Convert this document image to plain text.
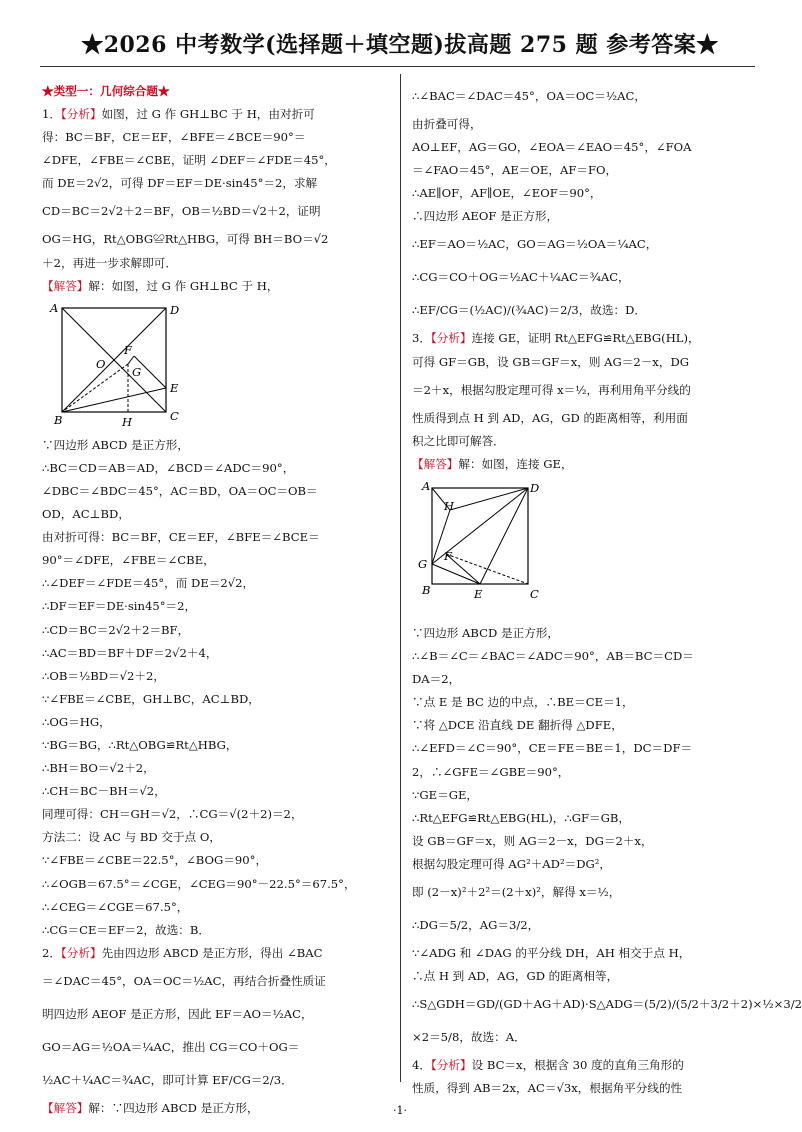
★2026 中考数学(选择题＋填空题)拔高题 275 题 参考答案★
★类型一：几何综合题★
1．【分析】如图，过 G 作 GH⊥BC 于 H，由对折可
得：BC＝BF，CE＝EF，∠BFE＝∠BCE＝90°＝
∠DFE，∠FBE＝∠CBE，证明 ∠DEF＝∠FDE＝45°，
而 DE＝2√2，可得 DF＝EF＝DE·sin45°＝2，求解
CD＝BC＝2√2＋2＝BF，OB＝½BD＝√2＋2，证明
OG＝HG，Rt△OBG≌Rt△HBG，可得 BH＝BO＝√2
＋2，再进一步求解即可．
【解答】解：如图，过 G 作 GH⊥BC 于 H，
A	D
B	C
E
F
G
H
O
∵四边形 ABCD 是正方形，
∴BC＝CD＝AB＝AD，∠BCD＝∠ADC＝90°，
∠DBC＝∠BDC＝45°，AC＝BD，OA＝OC＝OB＝
OD，AC⊥BD，
由对折可得：BC＝BF，CE＝EF，∠BFE＝∠BCE＝
90°＝∠DFE，∠FBE＝∠CBE，
∴∠DEF＝∠FDE＝45°，而 DE＝2√2，
∴DF＝EF＝DE·sin45°＝2，
∴CD＝BC＝2√2＋2＝BF，
∴AC＝BD＝BF＋DF＝2√2＋4，
∴OB＝½BD＝√2＋2，
∵∠FBE＝∠CBE，GH⊥BC，AC⊥BD，
∴OG＝HG，
∵BG＝BG，∴Rt△OBG≌Rt△HBG，
∴BH＝BO＝√2＋2，
∴CH＝BC－BH＝√2，
同理可得：CH＝GH＝√2，∴CG＝√(2＋2)＝2，
方法二：设 AC 与 BD 交于点 O，
∵∠FBE＝∠CBE＝22.5°，∠BOG＝90°，
∴∠OGB＝67.5°＝∠CGE，∠CEG＝90°－22.5°＝67.5°，
∴∠CEG＝∠CGE＝67.5°，
∴CG＝CE＝EF＝2，故选：B．
2．【分析】先由四边形 ABCD 是正方形，得出 ∠BAC
＝∠DAC＝45°，OA＝OC＝½AC，再结合折叠性质证
明四边形 AEOF 是正方形，因此 EF＝AO＝½AC，
GO＝AG＝½OA＝¼AC，推出 CG＝CO＋OG＝
½AC＋¼AC＝¾AC，即可计算 EF/CG＝2/3．
【解答】解：∵四边形 ABCD 是正方形，
∴∠BAC＝∠DAC＝45°，OA＝OC＝½AC，
由折叠可得，
AO⊥EF，AG＝GO，∠EOA＝∠EAO＝45°，∠FOA
＝∠FAO＝45°，AE＝OE，AF＝FO，
∴AE∥OF，AF∥OE，∠EOF＝90°，
∴四边形 AEOF 是正方形，
∴EF＝AO＝½AC，GO＝AG＝½OA＝¼AC，
∴CG＝CO＋OG＝½AC＋¼AC＝¾AC，
∴EF/CG＝(½AC)/(¾AC)＝2/3，故选：D．
3．【分析】连接 GE，证明 Rt△EFG≌Rt△EBG(HL)，
可得 GF＝GB，设 GB＝GF＝x，则 AG＝2－x，DG
＝2＋x，根据勾股定理可得 x＝½，再利用角平分线的
性质得到点 H 到 AD，AG，GD 的距离相等，利用面
积之比即可解答．
【解答】解：如图，连接 GE，
A	D
B	C
E
F
G
H
∵四边形 ABCD 是正方形，
∴∠B＝∠C＝∠BAC＝∠ADC＝90°，AB＝BC＝CD＝
DA＝2，
∵点 E 是 BC 边的中点，∴BE＝CE＝1，
∵将 △DCE 沿直线 DE 翻折得 △DFE，
∴∠EFD＝∠C＝90°，CE＝FE＝BE＝1，DC＝DF＝
2，∴∠GFE＝∠GBE＝90°，
∵GE＝GE，
∴Rt△EFG≌Rt△EBG(HL)，∴GF＝GB，
设 GB＝GF＝x，则 AG＝2－x，DG＝2＋x，
根据勾股定理可得 AG²＋AD²＝DG²，
即 (2－x)²＋2²＝(2＋x)²，解得 x＝½，
∴DG＝5/2，AG＝3/2，
∵∠ADG 和 ∠DAG 的平分线 DH，AH 相交于点 H，
∴点 H 到 AD，AG，GD 的距离相等，
∴S△GDH＝GD/(GD＋AG＋AD)·S△ADG＝(5/2)/(5/2＋3/2＋2)×½×3/2
×2＝5/8，故选：A．
4．【分析】设 BC＝x，根据含 30 度的直角三角形的
性质，得到 AB＝2x，AC＝√3x，根据角平分线的性
·1·
